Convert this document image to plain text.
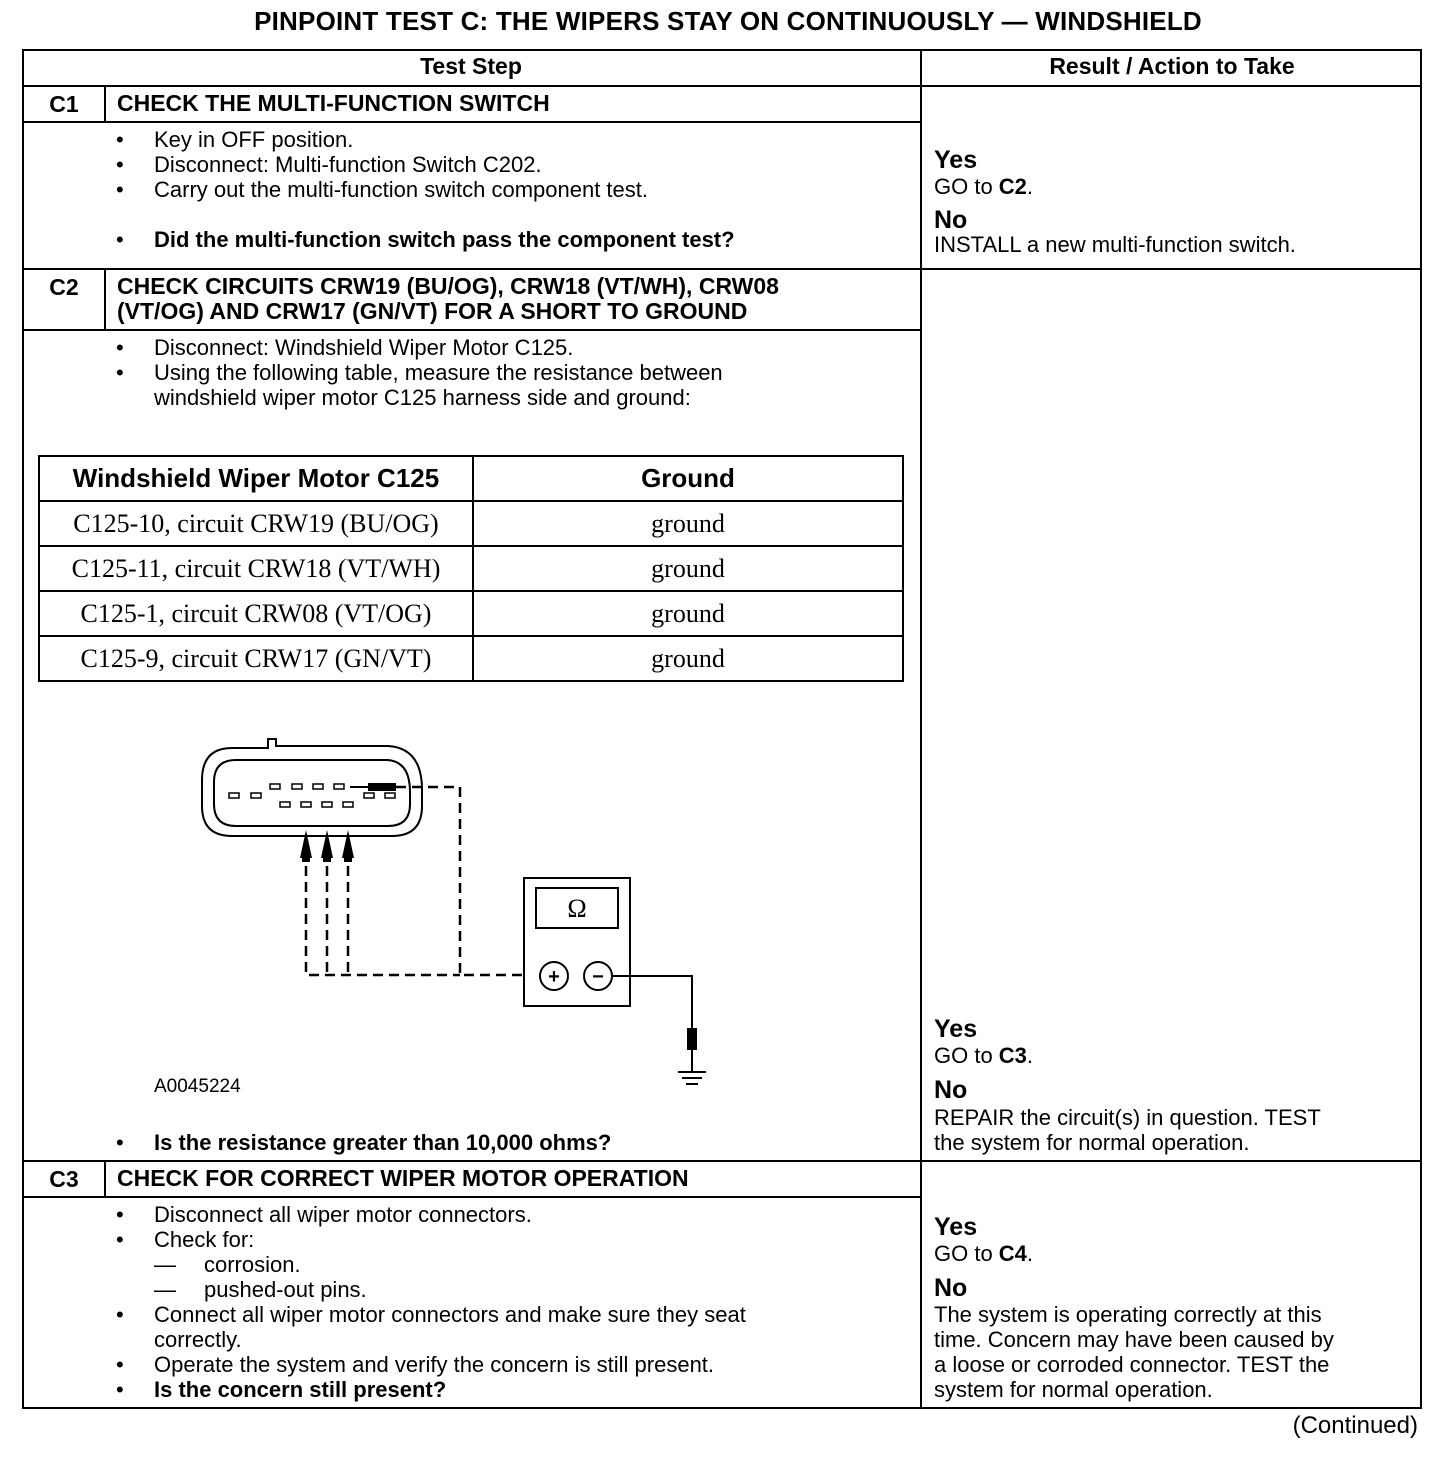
PINPOINT TEST C: THE WIPERS STAY ON CONTINUOUSLY — WINDSHIELD
Test Step	Result / Action to Take
C1	CHECK THE MULTI-FUNCTION SWITCH
• Key in OFF position.
• Disconnect: Multi-function Switch C202.
• Carry out the multi-function switch component test.
• Did the multi-function switch pass the component test?
Yes
GO to C2.
No
INSTALL a new multi-function switch.
C2	CHECK CIRCUITS CRW19 (BU/OG), CRW18 (VT/WH), CRW08
(VT/OG) AND CRW17 (GN/VT) FOR A SHORT TO GROUND
• Disconnect: Windshield Wiper Motor C125.
• Using the following table, measure the resistance between
windshield wiper motor C125 harness side and ground:
Windshield Wiper Motor C125	Ground
C125-10, circuit CRW19 (BU/OG)	ground
C125-11, circuit CRW18 (VT/WH)	ground
C125-1, circuit CRW08 (VT/OG)	ground
C125-9, circuit CRW17 (GN/VT)	ground
Ω
+ −
A0045224
• Is the resistance greater than 10,000 ohms?
Yes
GO to C3.
No
REPAIR the circuit(s) in question. TEST
the system for normal operation.
C3	CHECK FOR CORRECT WIPER MOTOR OPERATION
• Disconnect all wiper motor connectors.
• Check for:
— corrosion.
— pushed-out pins.
• Connect all wiper motor connectors and make sure they seat
correctly.
• Operate the system and verify the concern is still present.
• Is the concern still present?
Yes
GO to C4.
No
The system is operating correctly at this
time. Concern may have been caused by
a loose or corroded connector. TEST the
system for normal operation.
(Continued)
